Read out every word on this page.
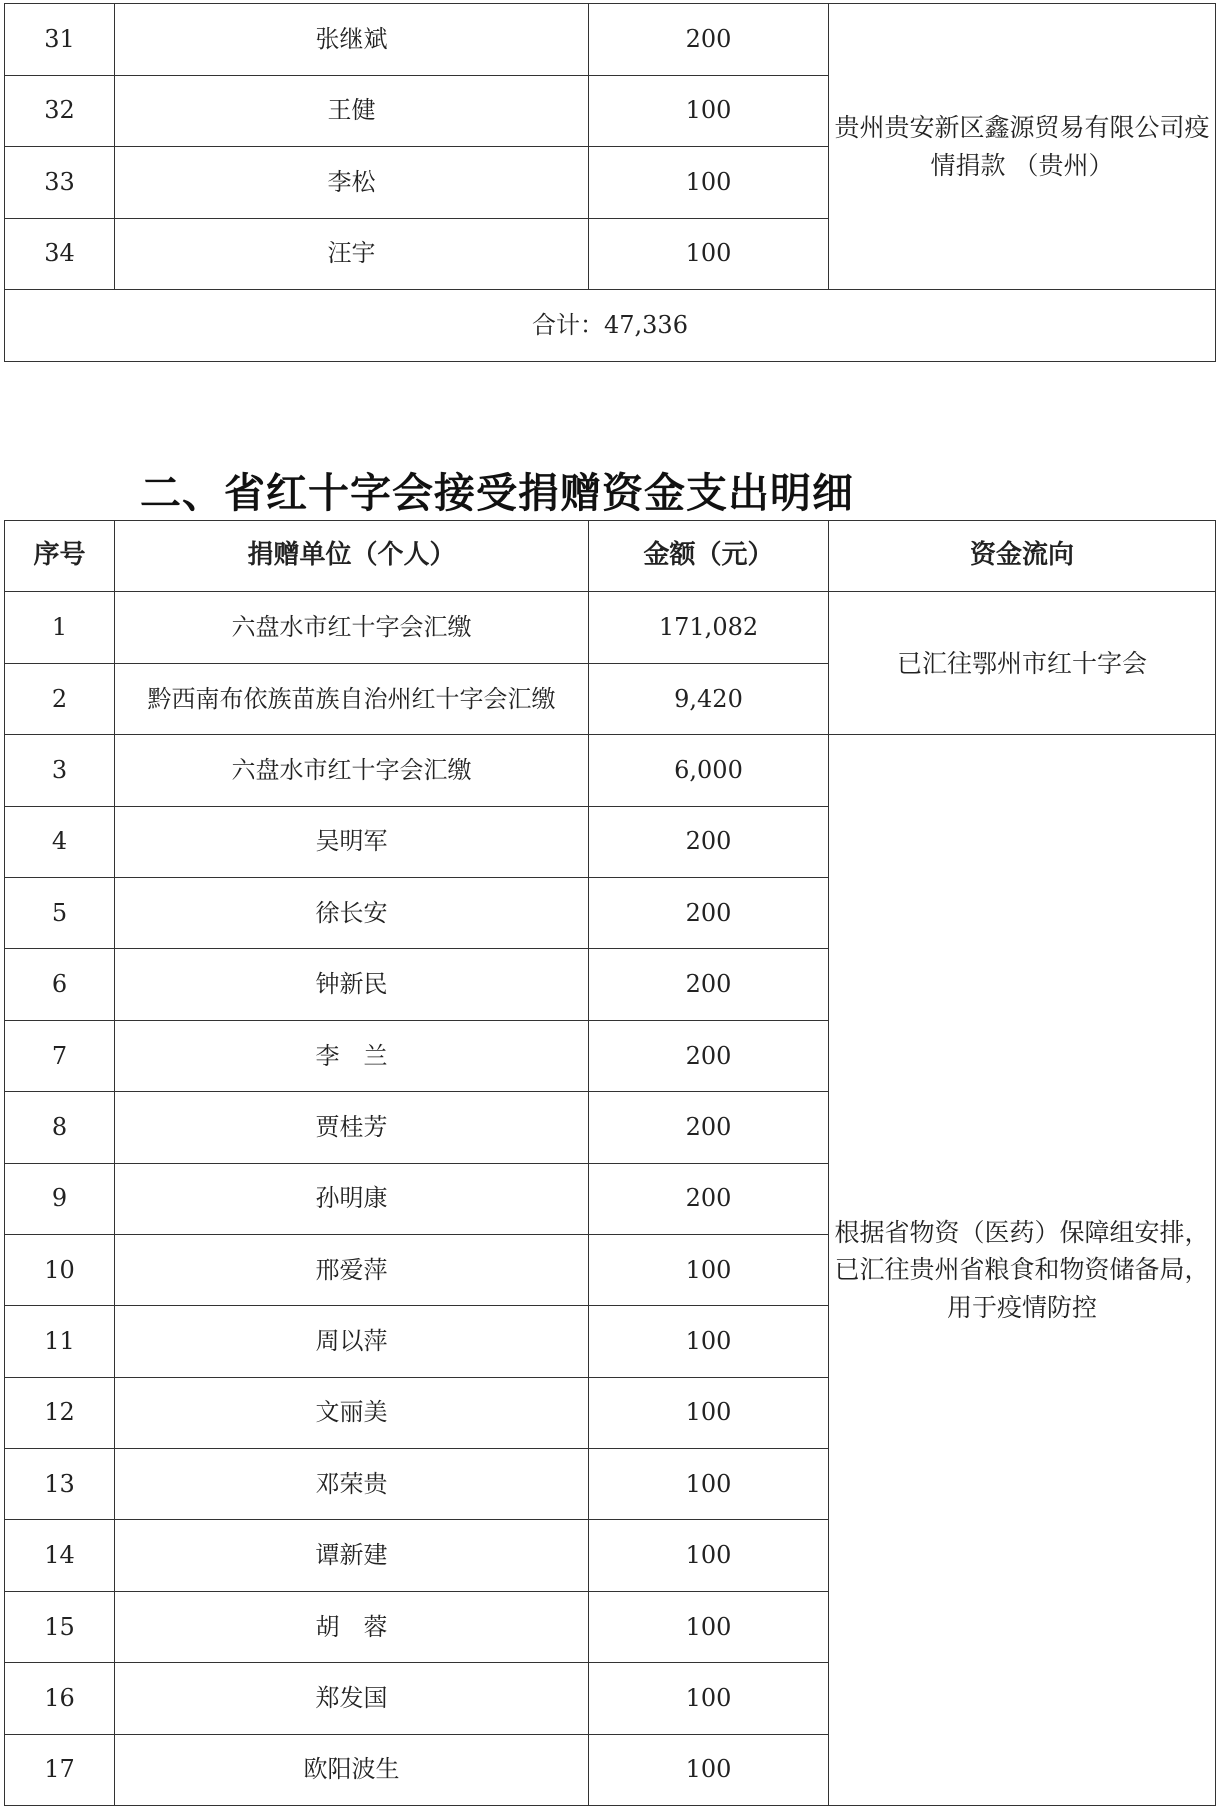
31	张继斌	200	贵州贵安新区鑫源贸易有限公司疫情捐款 （贵州）
32	王健	100	
33	李松	100	
34	汪宇	100	
合计：47,336			
二、省红十字会接受捐赠资金支出明细
序号	捐赠单位（个人）	金额（元）	资金流向
1	六盘水市红十字会汇缴	171,082	已汇往鄂州市红十字会
2	黔西南布依族苗族自治州红十字会汇缴	9,420	
3	六盘水市红十字会汇缴	6,000	根据省物资（医药）保障组安排，已汇往贵州省粮食和物资储备局，用于疫情防控
4	吴明军	200	
5	徐长安	200	
6	钟新民	200	
7	李　兰	200	
8	贾桂芳	200	
9	孙明康	200	
10	邢爱萍	100	
11	周以萍	100	
12	文丽美	100	
13	邓荣贵	100	
14	谭新建	100	
15	胡　蓉	100	
16	郑发国	100	
17	欧阳波生	100	
